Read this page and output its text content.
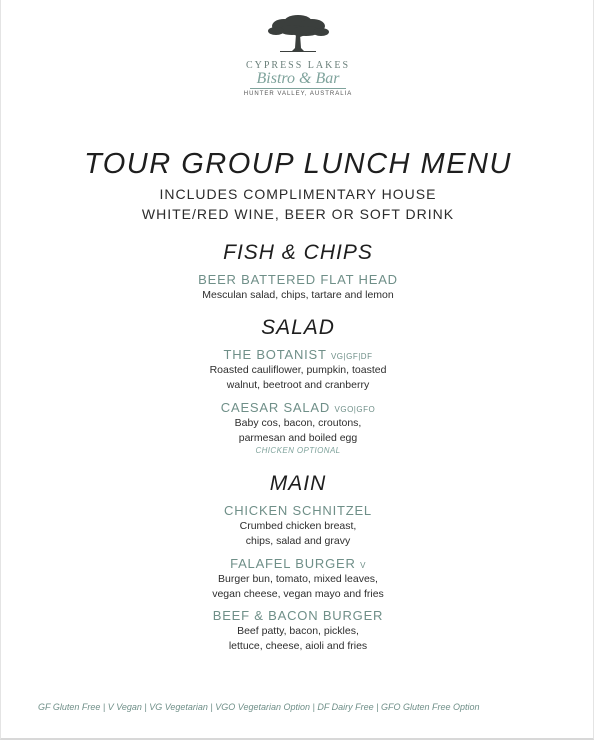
CYPRESS LAKES
Bistro & Bar
HUNTER VALLEY, AUSTRALIA
TOUR GROUP LUNCH MENU
INCLUDES COMPLIMENTARY HOUSE
WHITE/RED WINE, BEER OR SOFT DRINK
FISH & CHIPS
BEER BATTERED FLAT HEAD
Mesculan salad, chips, tartare and lemon
SALAD
THE BOTANIST VG|GF|DF
Roasted cauliflower, pumpkin, toasted
walnut, beetroot and cranberry
CAESAR SALAD VGO|GFO
Baby cos, bacon, croutons,
parmesan and boiled egg
CHICKEN OPTIONAL
MAIN
CHICKEN SCHNITZEL
Crumbed chicken breast,
chips, salad and gravy
FALAFEL BURGER V
Burger bun, tomato, mixed leaves,
vegan cheese, vegan mayo and fries
BEEF & BACON BURGER
Beef patty, bacon, pickles,
lettuce, cheese, aioli and fries
GF Gluten Free | V Vegan | VG Vegetarian | VGO Vegetarian Option | DF Dairy Free | GFO Gluten Free Option
